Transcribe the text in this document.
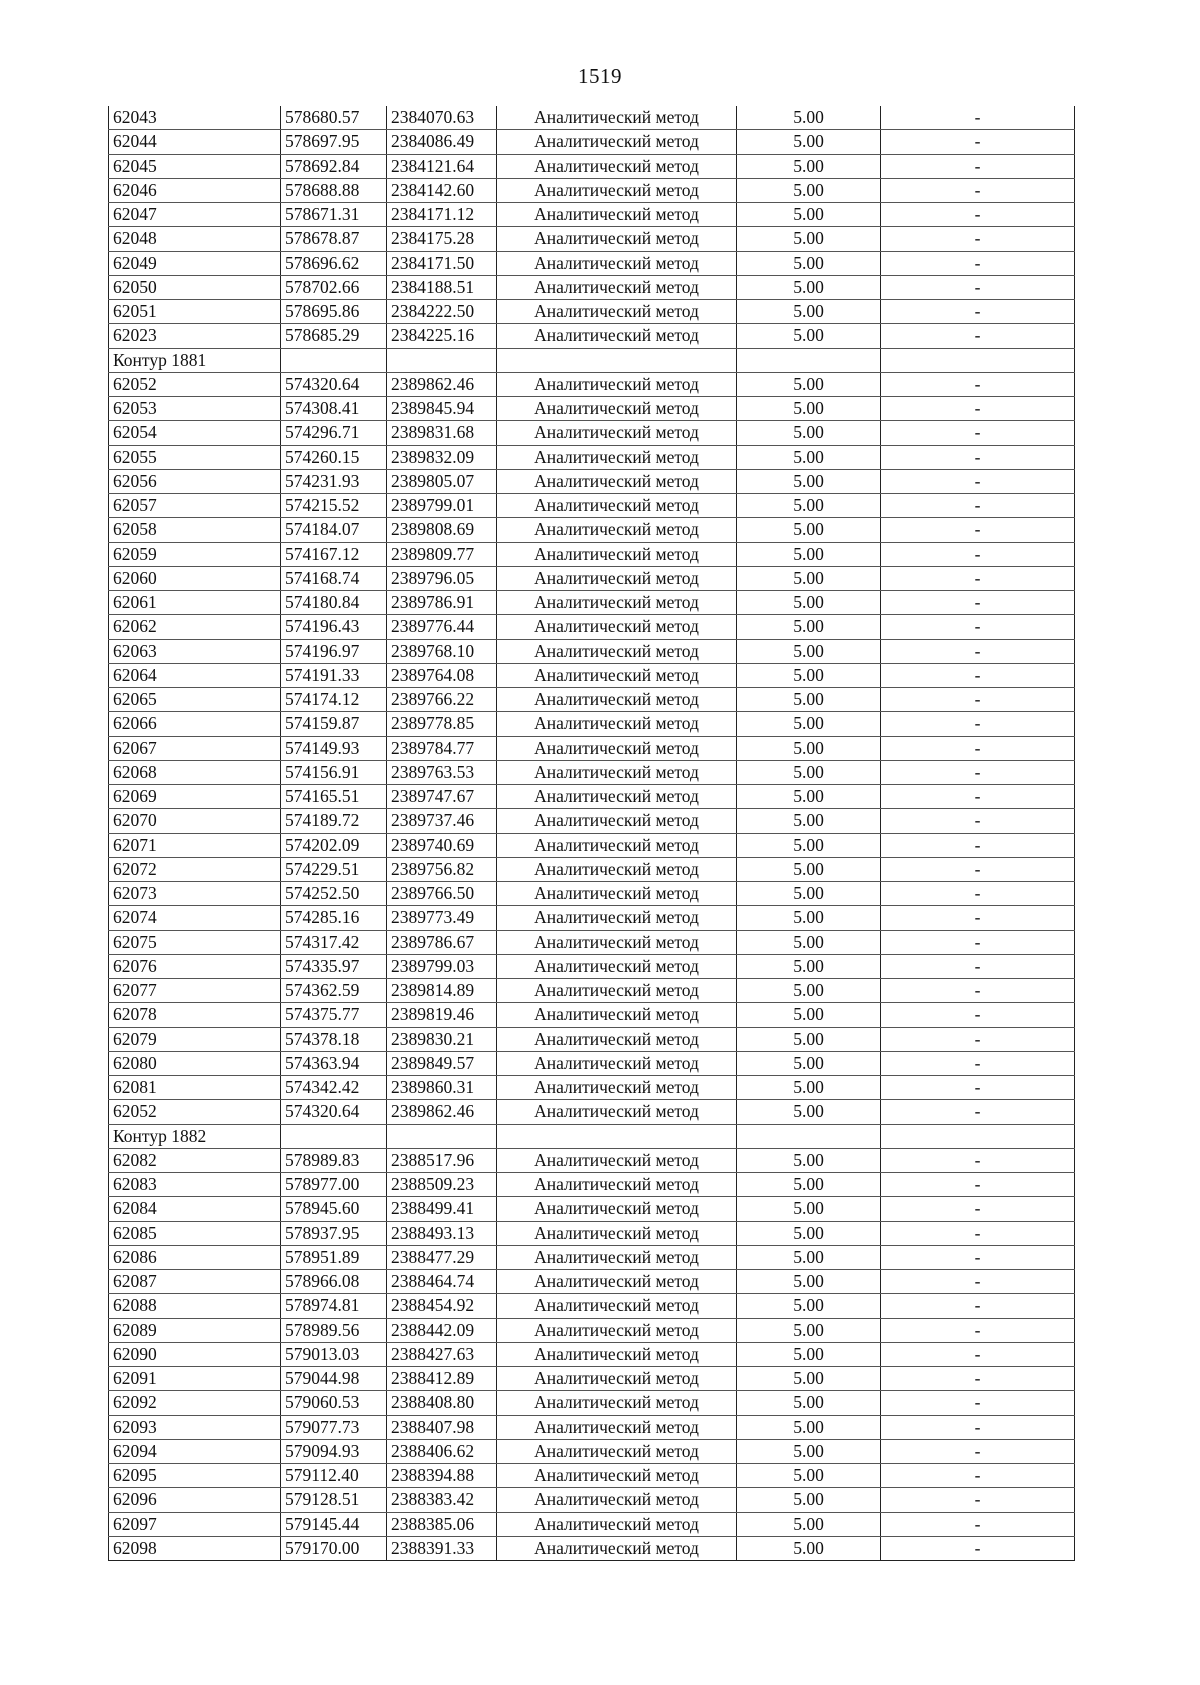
1519
62043	578680.57	2384070.63	Аналитический метод	5.00	-
62044	578697.95	2384086.49	Аналитический метод	5.00	-
62045	578692.84	2384121.64	Аналитический метод	5.00	-
62046	578688.88	2384142.60	Аналитический метод	5.00	-
62047	578671.31	2384171.12	Аналитический метод	5.00	-
62048	578678.87	2384175.28	Аналитический метод	5.00	-
62049	578696.62	2384171.50	Аналитический метод	5.00	-
62050	578702.66	2384188.51	Аналитический метод	5.00	-
62051	578695.86	2384222.50	Аналитический метод	5.00	-
62023	578685.29	2384225.16	Аналитический метод	5.00	-
Контур 1881					
62052	574320.64	2389862.46	Аналитический метод	5.00	-
62053	574308.41	2389845.94	Аналитический метод	5.00	-
62054	574296.71	2389831.68	Аналитический метод	5.00	-
62055	574260.15	2389832.09	Аналитический метод	5.00	-
62056	574231.93	2389805.07	Аналитический метод	5.00	-
62057	574215.52	2389799.01	Аналитический метод	5.00	-
62058	574184.07	2389808.69	Аналитический метод	5.00	-
62059	574167.12	2389809.77	Аналитический метод	5.00	-
62060	574168.74	2389796.05	Аналитический метод	5.00	-
62061	574180.84	2389786.91	Аналитический метод	5.00	-
62062	574196.43	2389776.44	Аналитический метод	5.00	-
62063	574196.97	2389768.10	Аналитический метод	5.00	-
62064	574191.33	2389764.08	Аналитический метод	5.00	-
62065	574174.12	2389766.22	Аналитический метод	5.00	-
62066	574159.87	2389778.85	Аналитический метод	5.00	-
62067	574149.93	2389784.77	Аналитический метод	5.00	-
62068	574156.91	2389763.53	Аналитический метод	5.00	-
62069	574165.51	2389747.67	Аналитический метод	5.00	-
62070	574189.72	2389737.46	Аналитический метод	5.00	-
62071	574202.09	2389740.69	Аналитический метод	5.00	-
62072	574229.51	2389756.82	Аналитический метод	5.00	-
62073	574252.50	2389766.50	Аналитический метод	5.00	-
62074	574285.16	2389773.49	Аналитический метод	5.00	-
62075	574317.42	2389786.67	Аналитический метод	5.00	-
62076	574335.97	2389799.03	Аналитический метод	5.00	-
62077	574362.59	2389814.89	Аналитический метод	5.00	-
62078	574375.77	2389819.46	Аналитический метод	5.00	-
62079	574378.18	2389830.21	Аналитический метод	5.00	-
62080	574363.94	2389849.57	Аналитический метод	5.00	-
62081	574342.42	2389860.31	Аналитический метод	5.00	-
62052	574320.64	2389862.46	Аналитический метод	5.00	-
Контур 1882					
62082	578989.83	2388517.96	Аналитический метод	5.00	-
62083	578977.00	2388509.23	Аналитический метод	5.00	-
62084	578945.60	2388499.41	Аналитический метод	5.00	-
62085	578937.95	2388493.13	Аналитический метод	5.00	-
62086	578951.89	2388477.29	Аналитический метод	5.00	-
62087	578966.08	2388464.74	Аналитический метод	5.00	-
62088	578974.81	2388454.92	Аналитический метод	5.00	-
62089	578989.56	2388442.09	Аналитический метод	5.00	-
62090	579013.03	2388427.63	Аналитический метод	5.00	-
62091	579044.98	2388412.89	Аналитический метод	5.00	-
62092	579060.53	2388408.80	Аналитический метод	5.00	-
62093	579077.73	2388407.98	Аналитический метод	5.00	-
62094	579094.93	2388406.62	Аналитический метод	5.00	-
62095	579112.40	2388394.88	Аналитический метод	5.00	-
62096	579128.51	2388383.42	Аналитический метод	5.00	-
62097	579145.44	2388385.06	Аналитический метод	5.00	-
62098	579170.00	2388391.33	Аналитический метод	5.00	-
